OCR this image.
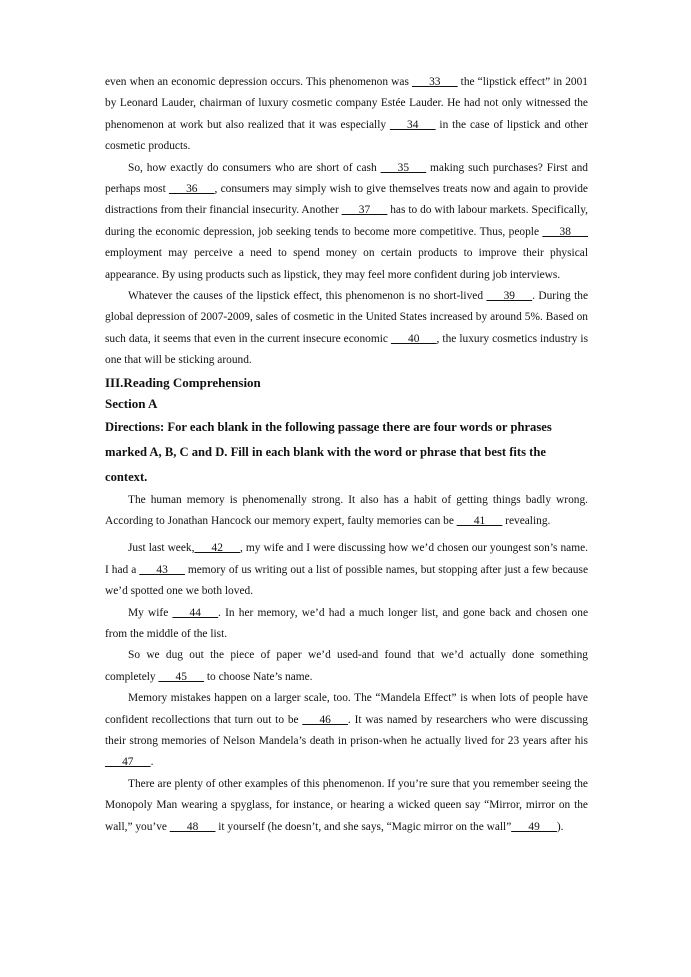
even when an economic depression occurs. This phenomenon was ___33___ the “lipstick effect” in 2001 by Leonard Lauder, chairman of luxury cosmetic company Estée Lauder. He had not only witnessed the phenomenon at work but also realized that it was especially ___34___ in the case of lipstick and other cosmetic products.

So, how exactly do consumers who are short of cash ___35___ making such purchases? First and perhaps most ___36___, consumers may simply wish to give themselves treats now and again to provide distractions from their financial insecurity. Another ___37___ has to do with labour markets. Specifically, during the economic depression, job seeking tends to become more competitive. Thus, people ___38___ employment may perceive a need to spend money on certain products to improve their physical appearance. By using products such as lipstick, they may feel more confident during job interviews.

Whatever the causes of the lipstick effect, this phenomenon is no short-lived ___39___. During the global depression of 2007-2009, sales of cosmetic in the United States increased by around 5%. Based on such data, it seems that even in the current insecure economic ___40___, the luxury cosmetics industry is one that will be sticking around.

III.Reading Comprehension
Section A

Directions: For each blank in the following passage there are four words or phrases marked A, B, C and D. Fill in each blank with the word or phrase that best fits the context.

The human memory is phenomenally strong. It also has a habit of getting things badly wrong. According to Jonathan Hancock our memory expert, faulty memories can be ___41___ revealing.

Just last week,___42___, my wife and I were discussing how we’d chosen our youngest son’s name. I had a ___43___ memory of us writing out a list of possible names, but stopping after just a few because we’d spotted one we both loved.

My wife ___44___. In her memory, we’d had a much longer list, and gone back and chosen one from the middle of the list.

So we dug out the piece of paper we’d used-and found that we’d actually done something completely ___45___ to choose Nate’s name.

Memory mistakes happen on a larger scale, too. The “Mandela Effect” is when lots of people have confident recollections that turn out to be ___46___. It was named by researchers who were discussing their strong memories of Nelson Mandela’s death in prison-when he actually lived for 23 years after his ___47___.

There are plenty of other examples of this phenomenon. If you’re sure that you remember seeing the Monopoly Man wearing a spyglass, for instance, or hearing a wicked queen say “Mirror, mirror on the wall,” you’ve ___48___ it yourself (he doesn’t, and she says, “Magic mirror on the wall”___49___).
